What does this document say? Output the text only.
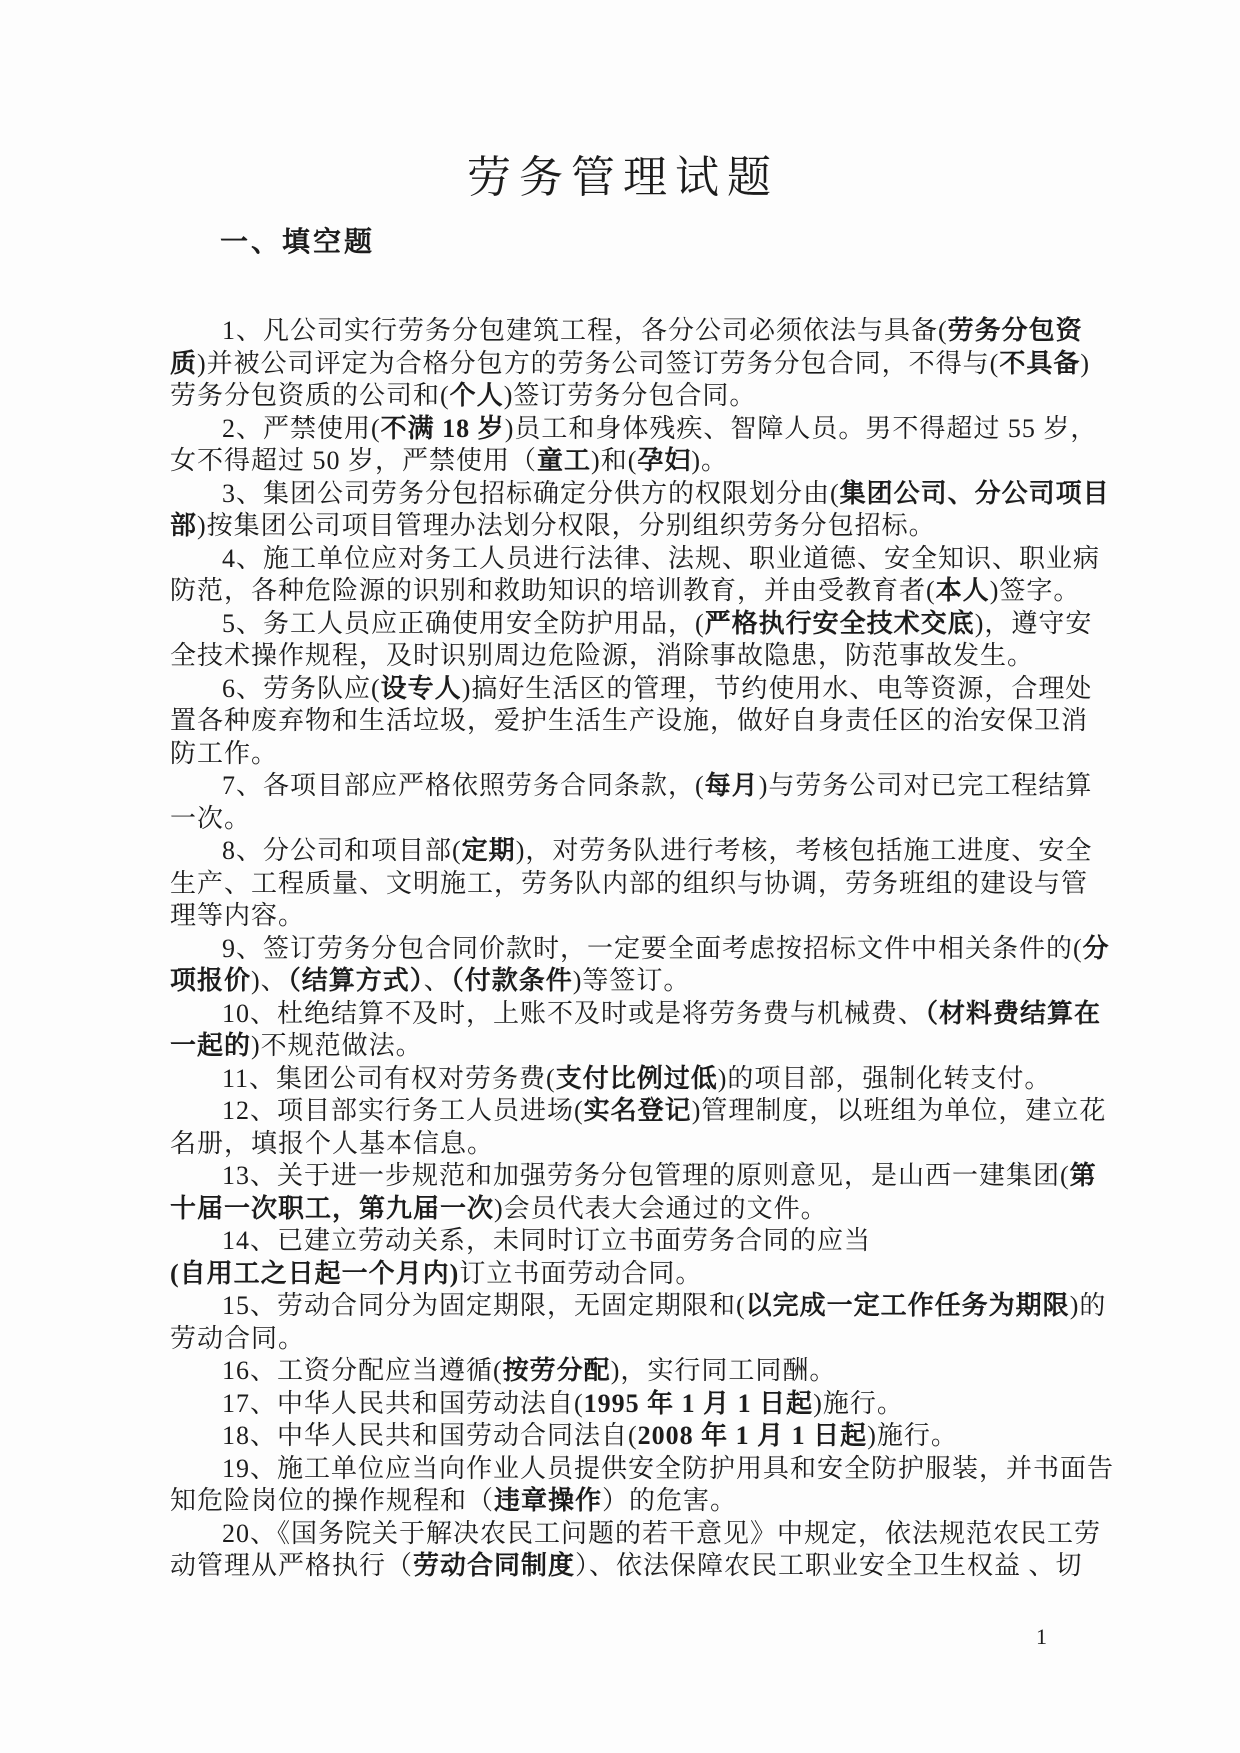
劳务管理试题
一、填空题
1、凡公司实行劳务分包建筑工程，各分公司必须依法与具备(劳务分包资
质)并被公司评定为合格分包方的劳务公司签订劳务分包合同，不得与(不具备)
劳务分包资质的公司和(个人)签订劳务分包合同。
2、严禁使用(不满 18 岁)员工和身体残疾、智障人员。男不得超过 55 岁，
女不得超过 50 岁，严禁使用（童工)和(孕妇)。
3、集团公司劳务分包招标确定分供方的权限划分由(集团公司、分公司项目
部)按集团公司项目管理办法划分权限，分别组织劳务分包招标。
4、施工单位应对务工人员进行法律、法规、职业道德、安全知识、职业病
防范，各种危险源的识别和救助知识的培训教育，并由受教育者(本人)签字。
5、务工人员应正确使用安全防护用品，(严格执行安全技术交底)，遵守安
全技术操作规程，及时识别周边危险源，消除事故隐患，防范事故发生。
6、劳务队应(设专人)搞好生活区的管理，节约使用水、电等资源，合理处
置各种废弃物和生活垃圾，爱护生活生产设施，做好自身责任区的治安保卫消
防工作。
7、各项目部应严格依照劳务合同条款，(每月)与劳务公司对已完工程结算
一次。
8、分公司和项目部(定期)，对劳务队进行考核，考核包括施工进度、安全
生产、工程质量、文明施工，劳务队内部的组织与协调，劳务班组的建设与管
理等内容。
9、签订劳务分包合同价款时，一定要全面考虑按招标文件中相关条件的(分
项报价)、（结算方式）、（付款条件)等签订。
10、杜绝结算不及时，上账不及时或是将劳务费与机械费、（材料费结算在
一起的)不规范做法。
11、集团公司有权对劳务费(支付比例过低)的项目部，强制化转支付。
12、项目部实行务工人员进场(实名登记)管理制度，以班组为单位，建立花
名册，填报个人基本信息。
13、关于进一步规范和加强劳务分包管理的原则意见，是山西一建集团(第
十届一次职工，第九届一次)会员代表大会通过的文件。
14、已建立劳动关系，未同时订立书面劳务合同的应当
(自用工之日起一个月内)订立书面劳动合同。
15、劳动合同分为固定期限，无固定期限和(以完成一定工作任务为期限)的
劳动合同。
16、工资分配应当遵循(按劳分配)，实行同工同酬。
17、中华人民共和国劳动法自(1995 年 1 月 1 日起)施行。
18、中华人民共和国劳动合同法自(2008 年 1 月 1 日起)施行。
19、施工单位应当向作业人员提供安全防护用具和安全防护服装，并书面告
知危险岗位的操作规程和（违章操作）的危害。
20、《国务院关于解决农民工问题的若干意见》中规定，依法规范农民工劳
动管理从严格执行（劳动合同制度）、依法保障农民工职业安全卫生权益 、切
1
